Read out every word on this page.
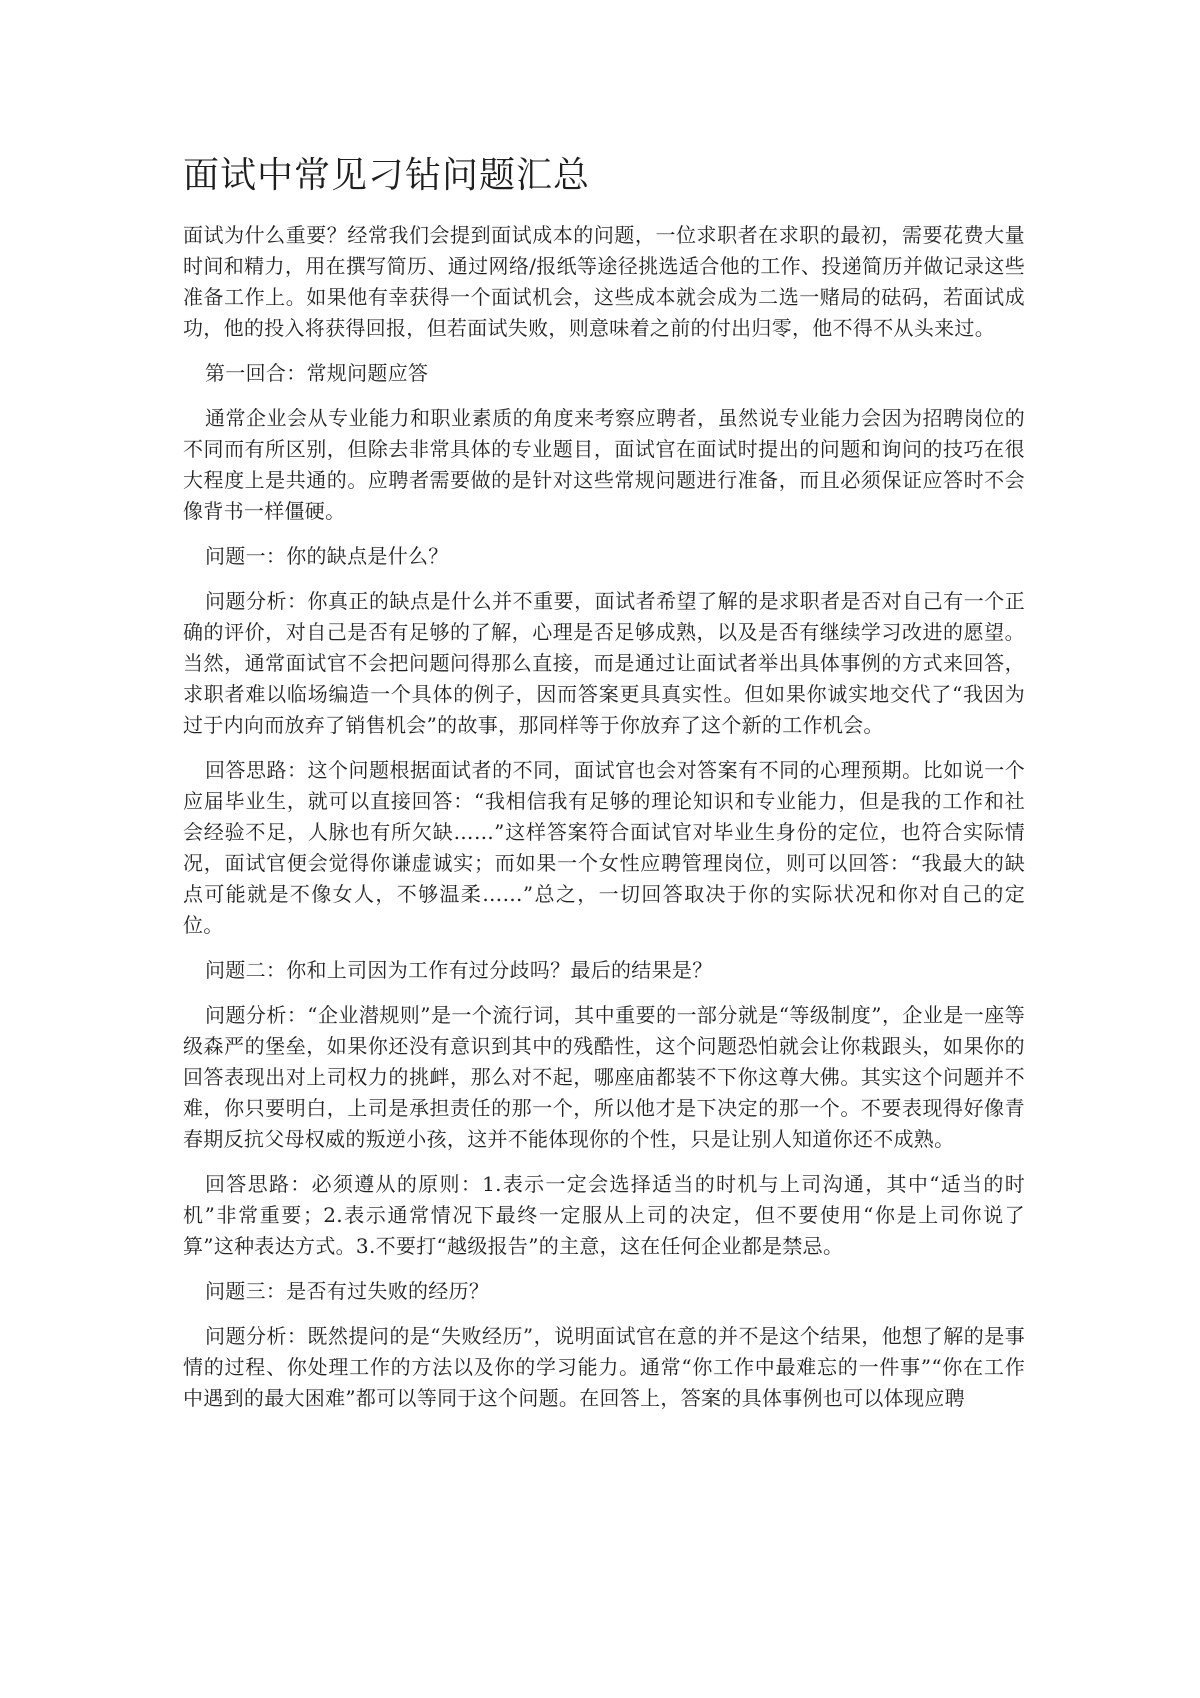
面试中常见刁钻问题汇总

面试为什么重要？经常我们会提到面试成本的问题，一位求职者在求职的最初，需要花费大量时间和精力，用在撰写简历、通过网络/报纸等途径挑选适合他的工作、投递简历并做记录这些准备工作上。如果他有幸获得一个面试机会，这些成本就会成为二选一赌局的砝码，若面试成功，他的投入将获得回报，但若面试失败，则意味着之前的付出归零，他不得不从头来过。

第一回合：常规问题应答

通常企业会从专业能力和职业素质的角度来考察应聘者，虽然说专业能力会因为招聘岗位的不同而有所区别，但除去非常具体的专业题目，面试官在面试时提出的问题和询问的技巧在很大程度上是共通的。应聘者需要做的是针对这些常规问题进行准备，而且必须保证应答时不会像背书一样僵硬。

问题一：你的缺点是什么？

问题分析：你真正的缺点是什么并不重要，面试者希望了解的是求职者是否对自己有一个正确的评价，对自己是否有足够的了解，心理是否足够成熟，以及是否有继续学习改进的愿望。当然，通常面试官不会把问题问得那么直接，而是通过让面试者举出具体事例的方式来回答，求职者难以临场编造一个具体的例子，因而答案更具真实性。但如果你诚实地交代了“我因为过于内向而放弃了销售机会”的故事，那同样等于你放弃了这个新的工作机会。

回答思路：这个问题根据面试者的不同，面试官也会对答案有不同的心理预期。比如说一个应届毕业生，就可以直接回答：“我相信我有足够的理论知识和专业能力，但是我的工作和社会经验不足，人脉也有所欠缺……”这样答案符合面试官对毕业生身份的定位，也符合实际情况，面试官便会觉得你谦虚诚实；而如果一个女性应聘管理岗位，则可以回答：“我最大的缺点可能就是不像女人，不够温柔……”总之，一切回答取决于你的实际状况和你对自己的定位。

问题二：你和上司因为工作有过分歧吗？最后的结果是？

问题分析：“企业潜规则”是一个流行词，其中重要的一部分就是“等级制度”，企业是一座等级森严的堡垒，如果你还没有意识到其中的残酷性，这个问题恐怕就会让你栽跟头，如果你的回答表现出对上司权力的挑衅，那么对不起，哪座庙都装不下你这尊大佛。其实这个问题并不难，你只要明白，上司是承担责任的那一个，所以他才是下决定的那一个。不要表现得好像青春期反抗父母权威的叛逆小孩，这并不能体现你的个性，只是让别人知道你还不成熟。

回答思路：必须遵从的原则：1.表示一定会选择适当的时机与上司沟通，其中“适当的时机”非常重要；2.表示通常情况下最终一定服从上司的决定，但不要使用“你是上司你说了算”这种表达方式。3.不要打“越级报告”的主意，这在任何企业都是禁忌。

问题三：是否有过失败的经历？

问题分析：既然提问的是“失败经历”，说明面试官在意的并不是这个结果，他想了解的是事情的过程、你处理工作的方法以及你的学习能力。通常“你工作中最难忘的一件事”“你在工作中遇到的最大困难”都可以等同于这个问题。在回答上，答案的具体事例也可以体现应聘
